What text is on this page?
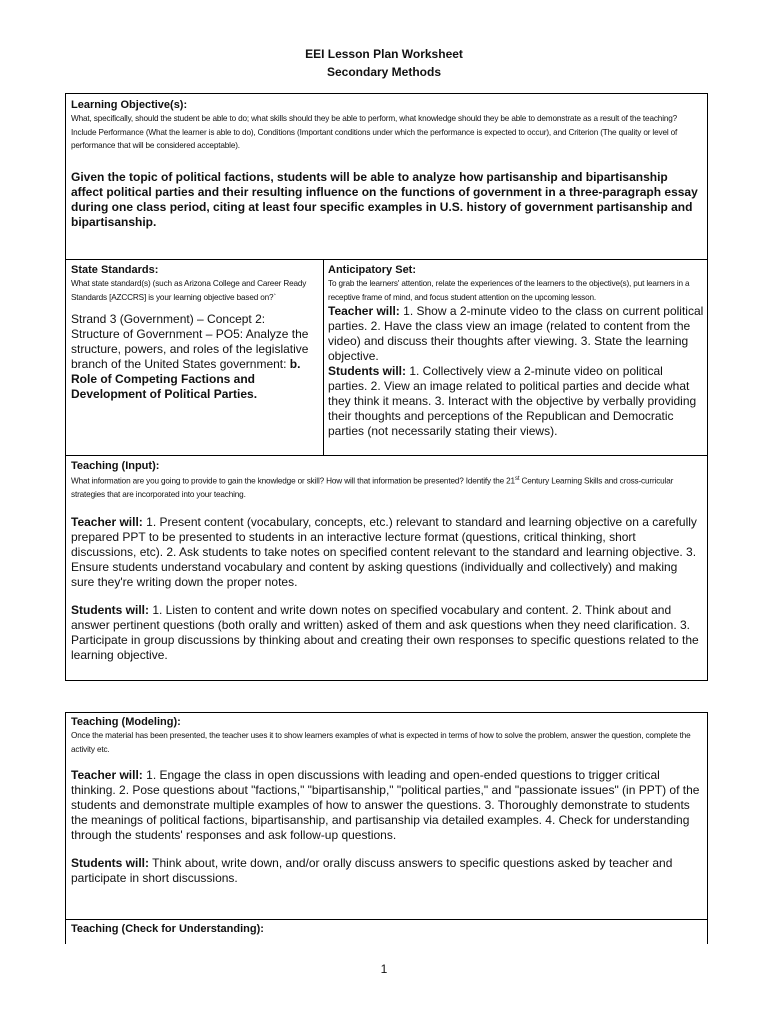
EEI Lesson Plan Worksheet
Secondary Methods
Learning Objective(s):

What, specifically, should the student be able to do; what skills should they be able to perform, what knowledge should they be able to demonstrate as a result of the teaching? Include Performance (What the learner is able to do), Conditions (Important conditions under which the performance is expected to occur), and Criterion (The quality or level of performance that will be considered acceptable).

Given the topic of political factions, students will be able to analyze how partisanship and bipartisanship affect political parties and their resulting influence on the functions of government in a three-paragraph essay during one class period, citing at least four specific examples in U.S. history of government partisanship and bipartisanship.

State Standards:

What state standard(s) (such as Arizona College and Career Ready Standards [AZCCRS] is your learning objective based on?`

Strand 3 (Government) – Concept 2: Structure of Government – PO5: Analyze the structure, powers, and roles of the legislative branch of the United States government: b. Role of Competing Factions and Development of Political Parties.

Anticipatory Set:

To grab the learners' attention, relate the experiences of the learners to the objective(s), put learners in a receptive frame of mind, and focus student attention on the upcoming lesson.

Teacher will: 1. Show a 2-minute video to the class on current political parties. 2. Have the class view an image (related to content from the video) and discuss their thoughts after viewing. 3. State the learning objective.

Students will: 1. Collectively view a 2-minute video on political parties. 2. View an image related to political parties and decide what they think it means. 3. Interact with the objective by verbally providing their thoughts and perceptions of the Republican and Democratic parties (not necessarily stating their views).

Teaching (Input):

What information are you going to provide to gain the knowledge or skill? How will that information be presented? Identify the 21st Century Learning Skills and cross-curricular strategies that are incorporated into your teaching.

Teacher will: 1. Present content (vocabulary, concepts, etc.) relevant to standard and learning objective on a carefully prepared PPT to be presented to students in an interactive lecture format (questions, critical thinking, short discussions, etc). 2. Ask students to take notes on specified content relevant to the standard and learning objective. 3. Ensure students understand vocabulary and content by asking questions (individually and collectively) and making sure they're writing down the proper notes.

Students will: 1. Listen to content and write down notes on specified vocabulary and content. 2. Think about and answer pertinent questions (both orally and written) asked of them and ask questions when they need clarification. 3. Participate in group discussions by thinking about and creating their own responses to specific questions related to the learning objective.

Teaching (Modeling):

Once the material has been presented, the teacher uses it to show learners examples of what is expected in terms of how to solve the problem, answer the question, complete the activity etc.

Teacher will: 1. Engage the class in open discussions with leading and open-ended questions to trigger critical thinking. 2. Pose questions about "factions," "bipartisanship," "political parties," and "passionate issues" (in PPT) of the students and demonstrate multiple examples of how to answer the questions. 3. Thoroughly demonstrate to students the meanings of political factions, bipartisanship, and partisanship via detailed examples. 4. Check for understanding through the students' responses and ask follow-up questions.

Students will: Think about, write down, and/or orally discuss answers to specific questions asked by teacher and participate in short discussions.

Teaching (Check for Understanding):
1
